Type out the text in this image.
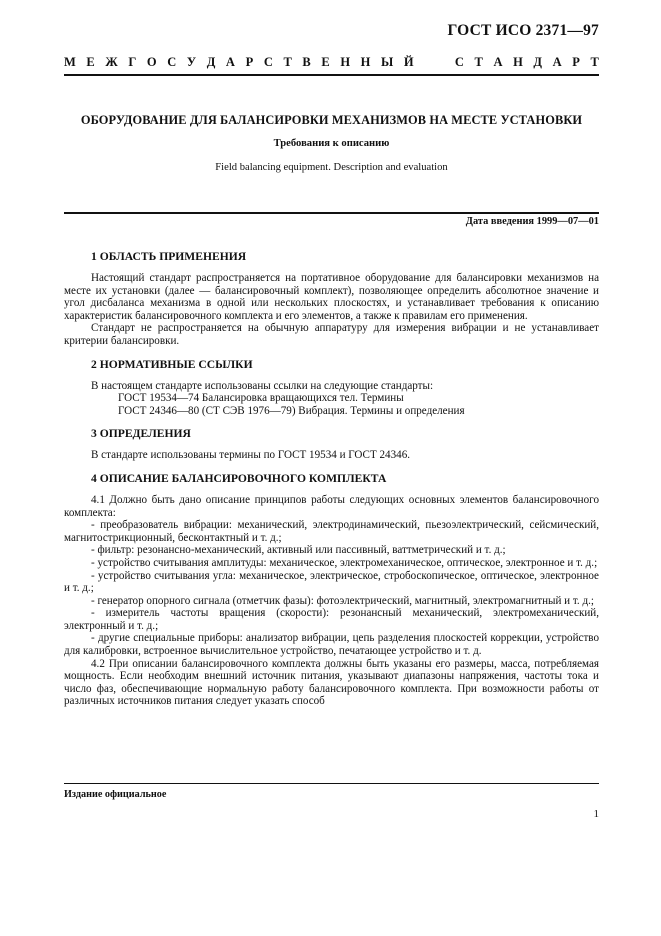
ГОСТ ИСО 2371—97
М Е Ж Г О С У Д А Р С Т В Е Н Н Ы Й	С Т А Н Д А Р Т
ОБОРУДОВАНИЕ ДЛЯ БАЛАНСИРОВКИ МЕХАНИЗМОВ НА МЕСТЕ УСТАНОВКИ
Требования к описанию
Field balancing equipment. Description and evaluation
Дата введения 1999—07—01
1 ОБЛАСТЬ ПРИМЕНЕНИЯ

Настоящий стандарт распространяется на портативное оборудование для балансировки механизмов на месте их установки (далее — балансировочный комплект), позволяющее определить абсолютное значение и угол дисбаланса механизма в одной или нескольких плоскостях, и устанавливает требования к описанию характеристик балансировочного комплекта и его элементов, а также к правилам его применения.

Стандарт не распространяется на обычную аппаратуру для измерения вибрации и не устанавливает критерии балансировки.

2 НОРМАТИВНЫЕ ССЫЛКИ

В настоящем стандарте использованы ссылки на следующие стандарты:

ГОСТ 19534—74 Балансировка вращающихся тел. Термины

ГОСТ 24346—80 (СТ СЭВ 1976—79) Вибрация. Термины и определения

3 ОПРЕДЕЛЕНИЯ

В стандарте использованы термины по ГОСТ 19534 и ГОСТ 24346.

4 ОПИСАНИЕ БАЛАНСИРОВОЧНОГО КОМПЛЕКТА

4.1 Должно быть дано описание принципов работы следующих основных элементов балансировочного комплекта:

- преобразователь вибрации: механический, электродинамический, пьезоэлектрический, сейсмический, магнитострикционный, бесконтактный и т. д.;

- фильтр: резонансно-механический, активный или пассивный, ваттметрический и т. д.;

- устройство считывания амплитуды: механическое, электромеханическое, оптическое, электронное и т. д.;

- устройство считывания угла: механическое, электрическое, стробоскопическое, оптическое, электронное и т. д.;

- генератор опорного сигнала (отметчик фазы): фотоэлектрический, магнитный, электромагнитный и т. д.;

- измеритель частоты вращения (скорости): резонансный механический, электромеханический, электронный и т. д.;

- другие специальные приборы: анализатор вибрации, цепь разделения плоскостей коррекции, устройство для калибровки, встроенное вычислительное устройство, печатающее устройство и т. д.

4.2 При описании балансировочного комплекта должны быть указаны его размеры, масса, потребляемая мощность. Если необходим внешний источник питания, указывают диапазоны напряжения, частоты тока и число фаз, обеспечивающие нормальную работу балансировочного комплекта. При возможности работы от различных источников питания следует указать способ

Издание официальное
1
